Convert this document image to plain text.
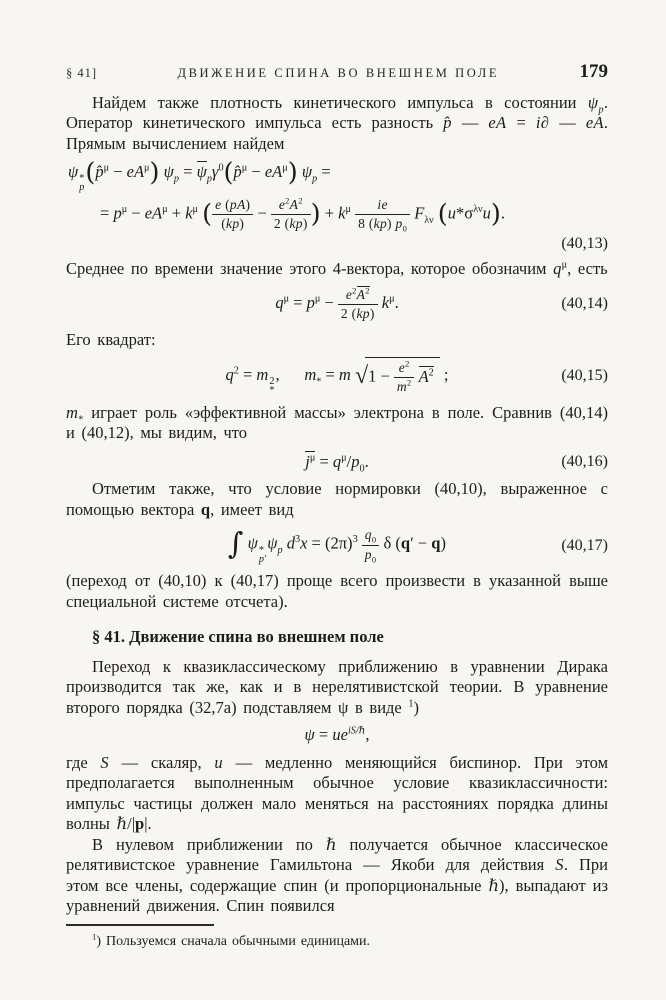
§ 41]	ДВИЖЕНИЕ СПИНА ВО ВНЕШНЕМ ПОЛЕ	179

Найдем также плотность кинетического импульса в состоянии $\psi_p$. Оператор кинетического импульса есть разность p̂ — eA = i∂ — eA. Прямым вычислением найдем

ψ *
p (p̂$^\mu$ − $eA^\mu$) $\psi_p$ = $\psi_p\gamma^0(p̂^\mu - eA^\mu) \psi_p$ =
= $p^\mu - eA^\mu + k^\mu$ ( $\frac{e (pA)}{(kp)} - \frac{e^2A^2}{2 (kp)}$ ) + $k^\mu \frac{ie}{8 (kp) p_0} F_{\lambda\nu}$ $(u*\sigma^{\lambda\nu}u)$.
(40,13)

Среднее по времени значение этого 4-вектора, которое обозначим $q^\mu$, есть

$q^\mu = p^\mu - \frac{e^2A^2}{2 (kp)} k^\mu$.	(40,14)

Его квадрат:

$q^2 = m$ 2
*
,      $m_* = m$ $√1 - \frac{e^2}{m^2} A^2$ ;	(40,15)

$m_*$ играет роль «эффективной массы» электрона в поле. Сравнив (40,14) и (40,12), мы видим, что

$j^\mu = q^\mu/p_0$.	(40,16)

Отметим также, что условие нормировки (40,10), выраженное с помощью вектора q, имеет вид

∫ ψ *
p′
$\psi_p$ $d^3x = (2\pi)^3 \frac{q_0}{p_0}$ δ (q′ − q)	(40,17)

(переход от (40,10) к (40,17) проще всего произвести в указанной выше специальной системе отсчета).

§ 41. Движение спина во внешнем поле

Переход к квазиклассическому приближению в уравнении Дирака производится так же, как и в нерелятивистской теории. В уравнение второго порядка (32,7а) подставляем ψ в виде $^1$)

$\psi = ue^{iS/\hbar}$,

где S — скаляр, u — медленно меняющийся биспинор. При этом предполагается выполненным обычное условие квазиклассичности: импульс частицы должен мало меняться на расстояниях порядка длины волны ℏ/|p|.

В нулевом приближении по ℏ получается обычное классическое релятивистское уравнение Гамильтона — Якоби для действия S. При этом все члены, содержащие спин (и пропорциональные ℏ), выпадают из уравнений движения. Спин появился

$^1$) Пользуемся сначала обычными единицами.
